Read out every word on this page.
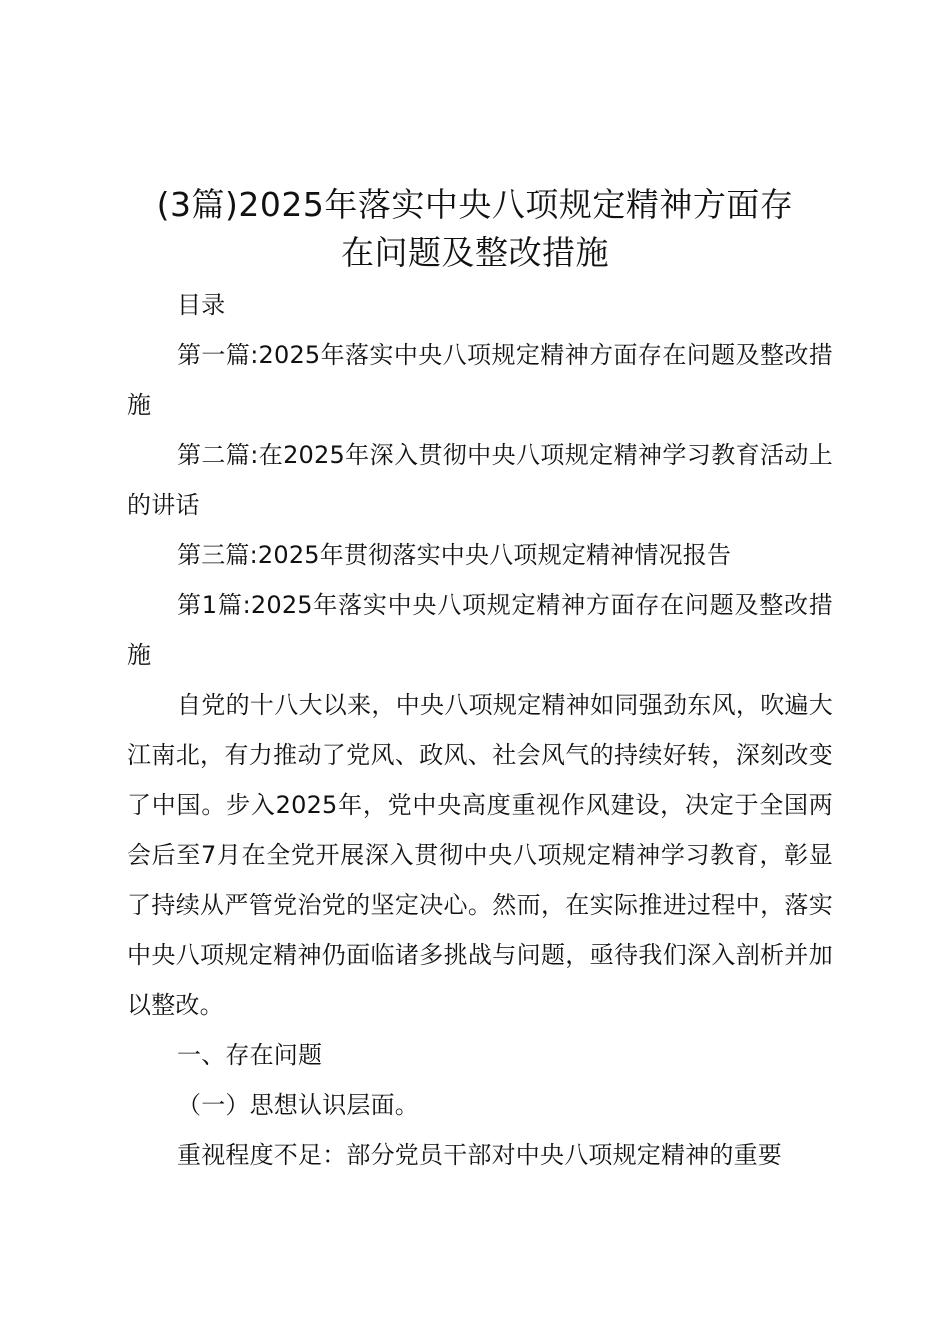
(3篇)2025年落实中央八项规定精神方面存
在问题及整改措施

目录

第一篇:2025年落实中央八项规定精神方面存在问题及整改措施

第二篇:在2025年深入贯彻中央八项规定精神学习教育活动上的讲话

第三篇:2025年贯彻落实中央八项规定精神情况报告

第1篇:2025年落实中央八项规定精神方面存在问题及整改措施

自党的十八大以来，中央八项规定精神如同强劲东风，吹遍大江南北，有力推动了党风、政风、社会风气的持续好转，深刻改变了中国。步入2025年，党中央高度重视作风建设，决定于全国两会后至7月在全党开展深入贯彻中央八项规定精神学习教育，彰显了持续从严管党治党的坚定决心。然而，在实际推进过程中，落实中央八项规定精神仍面临诸多挑战与问题，亟待我们深入剖析并加以整改。

一、存在问题

（一）思想认识层面。

重视程度不足：部分党员干部对中央八项规定精神的重要
